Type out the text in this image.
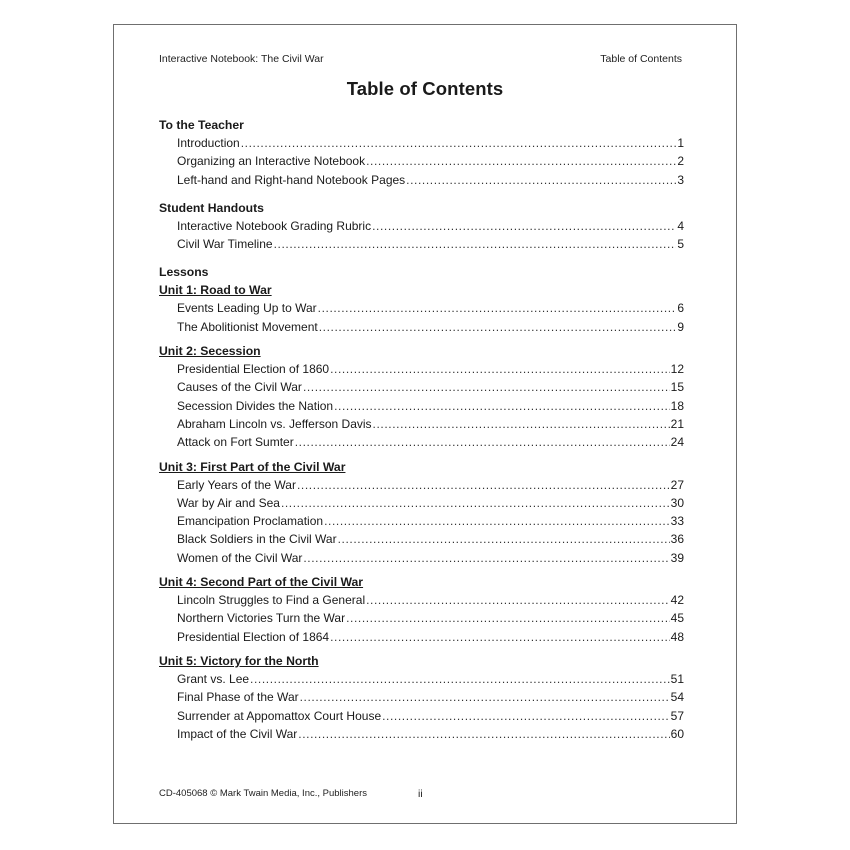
Interactive Notebook: The Civil War	Table of Contents
Table of Contents
To the Teacher
Introduction .....	1
Organizing an Interactive Notebook .....	2
Left-hand and Right-hand Notebook Pages .....	3
Student Handouts
Interactive Notebook Grading Rubric .....	4
Civil War Timeline .....	5
Lessons
Unit 1: Road to War
Events Leading Up to War .....	6
The Abolitionist Movement .....	9
Unit 2: Secession
Presidential Election of 1860 .....	12
Causes of the Civil War .....	15
Secession Divides the Nation .....	18
Abraham Lincoln vs. Jefferson Davis .....	21
Attack on Fort Sumter .....	24
Unit 3: First Part of the Civil War
Early Years of the War .....	27
War by Air and Sea .....	30
Emancipation Proclamation .....	33
Black Soldiers in the Civil War .....	36
Women of the Civil War .....	39
Unit 4: Second Part of the Civil War
Lincoln Struggles to Find a General .....	42
Northern Victories Turn the War .....	45
Presidential Election of 1864 .....	48
Unit 5: Victory for the North
Grant vs. Lee .....	51
Final Phase of the War .....	54
Surrender at Appomattox Court House .....	57
Impact of the Civil War .....	60
CD-405068 © Mark Twain Media, Inc., Publishers	ii
